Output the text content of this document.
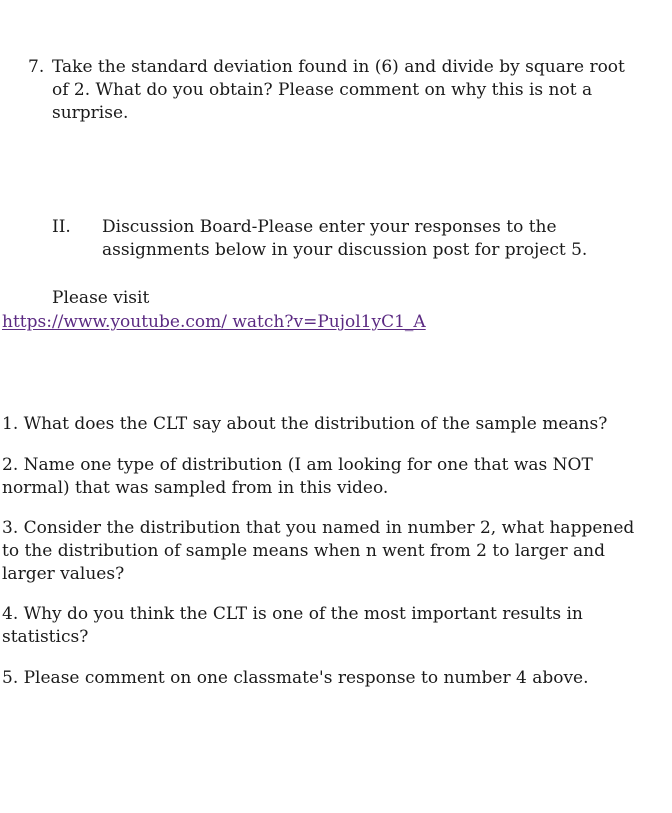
7. Take the standard deviation found in (6) and divide by square root of 2. What do you obtain? Please comment on why this is not a surprise.
II.	Discussion Board-Please enter your responses to the assignments below in your discussion post for project 5.
Please visit
https://www.youtube.com/ watch?v=Pujol1yC1_A
1. What does the CLT say about the distribution of the sample means?
2. Name one type of distribution (I am looking for one that was NOT normal) that was sampled from in this video.
3. Consider the distribution that you named in number 2, what happened to the distribution of sample means when n went from 2 to larger and larger values?
4. Why do you think the CLT is one of the most important results in statistics?
5. Please comment on one classmate's response to number 4 above.
